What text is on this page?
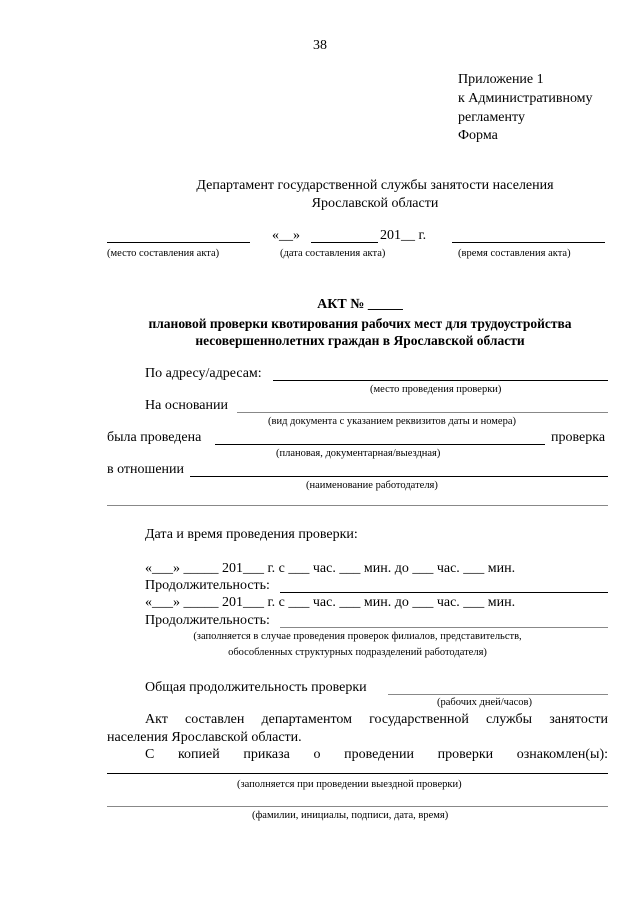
38
Приложение 1
к Административному
регламенту
Форма
Департамент государственной службы занятости населения
Ярославской области
«__»	201__ г.
(место составления акта)	(дата составления акта)	(время составления акта)
АКТ № _____
плановой проверки квотирования рабочих мест для трудоустройства
несовершеннолетних граждан в Ярославской области
По адресу/адресам:
(место проведения проверки)
На основании
(вид документа с указанием реквизитов даты и номера)
была проведена	проверка
(плановая, документарная/выездная)
в отношении
(наименование работодателя)
Дата и время проведения проверки:
«___» _____ 201___ г. с ___ час. ___ мин. до ___ час. ___ мин.
Продолжительность:
«___» _____ 201___ г. с ___ час. ___ мин. до ___ час. ___ мин.
Продолжительность:
(заполняется в случае проведения проверок филиалов, представительств,
обособленных структурных подразделений работодателя)
Общая продолжительность проверки
(рабочих дней/часов)
Акт составлен департаментом государственной службы занятости
населения Ярославской области.
С копией приказа о проведении проверки ознакомлен(ы):
(заполняется при проведении выездной проверки)
(фамилии, инициалы, подписи, дата, время)
